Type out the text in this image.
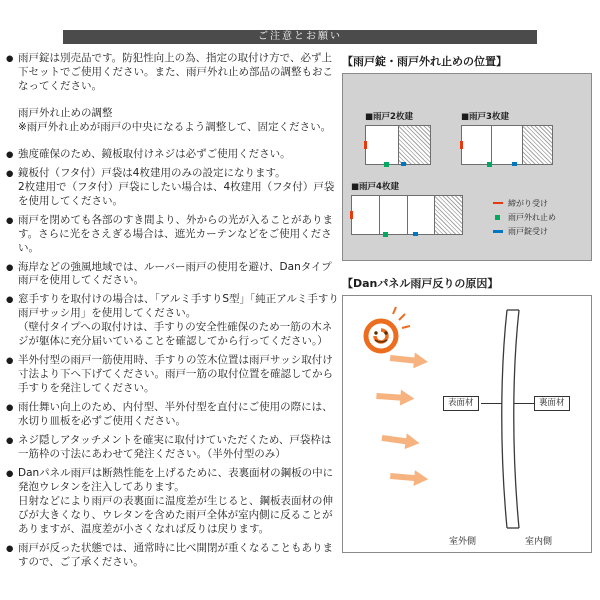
ご注意とお願い
● 雨戸錠は別売品です。防犯性向上の為、指定の取付け方で、必ず上下セットでご使用ください。また、雨戸外れ止め部品の調整もおこなってください。
雨戸外れ止めの調整
※雨戸外れ止めが雨戸の中央になるよう調整して、固定ください。
● 強度確保のため、鏡板取付けネジは必ずご使用ください。
● 鏡板付（フタ付）戸袋は4枚建用のみの設定になります。
2枚建用で（フタ付）戸袋にしたい場合は、4枚建用（フタ付）戸袋を使用してください。
● 雨戸を閉めても各部のすき間より、外からの光が入ることがあります。さらに光をさえぎる場合は、遮光カーテンなどをご使用ください。
● 海岸などの強風地域では、ルーバー雨戸の使用を避け、Danタイプ雨戸を使用してください。
● 窓手すりを取付けの場合は、「アルミ手すりS型」「純正アルミ手すり雨戸サッシ用」を使用してください。
（壁付タイプへの取付けは、手すりの安全性確保のため一筋の木ネジが躯体に充分届いていることを確認してから行ってください。）
● 半外付型の雨戸一筋使用時、手すりの笠木位置は雨戸サッシ取付け寸法より下へ下げてください。雨戸一筋の取付位置を確認してから手すりを発注してください。
● 雨仕舞い向上のため、内付型、半外付型を直付にご使用の際には、水切り皿板を必ずご使用ください。
● ネジ隠しアタッチメントを確実に取付けていただくため、戸袋枠は一筋枠の寸法にあわせて発注ください。（半外付型のみ）
● Danパネル雨戸は断熱性能を上げるために、表裏面材の鋼板の中に発泡ウレタンを注入してあります。
日射などにより雨戸の表裏面に温度差が生じると、鋼板表面材の伸びが大きくなり、ウレタンを含めた雨戸全体が室内側に反ることがありますが、温度差が小さくなれば反りは戻ります。
● 雨戸が反った状態では、通常時に比べ開閉が重くなることもありますので、ご了承ください。
【雨戸錠・雨戸外れ止めの位置】
■雨戸2枚建	■雨戸3枚建
■雨戸4枚建
締がり受け
雨戸外れ止め
雨戸錠受け
【Danパネル雨戸反りの原因】
表面材	裏面材
室外側	室内側
